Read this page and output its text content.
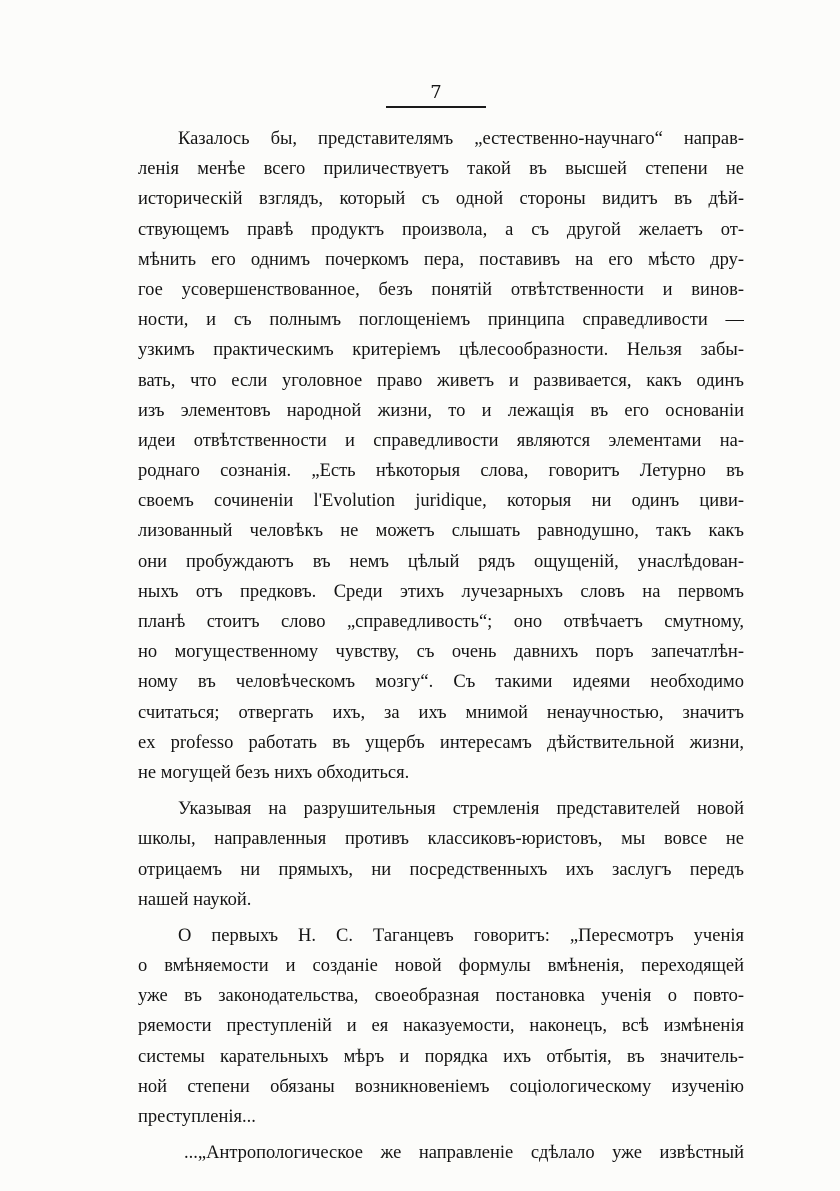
7
Казалось бы, представителямъ „естественно-научнаго“ направ-
ленія менѣе всего приличествуетъ такой въ высшей степени не
историческій взглядъ, который съ одной стороны видитъ въ дѣй-
ствующемъ правѣ продуктъ произвола, а съ другой желаетъ от-
мѣнить его однимъ почеркомъ пера, поставивъ на его мѣсто дру-
гое усовершенствованное, безъ понятій отвѣтственности и винов-
ности, и съ полнымъ поглощеніемъ принципа справедливости —
узкимъ практическимъ критеріемъ цѣлесообразности. Нельзя забы-
вать, что если уголовное право живетъ и развивается, какъ одинъ
изъ элементовъ народной жизни, то и лежащія въ его основаніи
идеи отвѣтственности и справедливости являются элементами на-
роднаго сознанія. „Есть нѣкоторыя слова, говоритъ Летурно въ
своемъ сочиненіи l'Evolution juridique, которыя ни одинъ циви-
лизованный человѣкъ не можетъ слышать равнодушно, такъ какъ
они пробуждаютъ въ немъ цѣлый рядъ ощущеній, унаслѣдован-
ныхъ отъ предковъ. Среди этихъ лучезарныхъ словъ на первомъ
планѣ стоитъ слово „справедливость“; оно отвѣчаетъ смутному,
но могущественному чувству, съ очень давнихъ поръ запечатлѣн-
ному въ человѣческомъ мозгу“. Съ такими идеями необходимо
считаться; отвергать ихъ, за ихъ мнимой ненаучностью, значитъ
ex professo работать въ ущербъ интересамъ дѣйствительной жизни,
не могущей безъ нихъ обходиться.
Указывая на разрушительныя стремленія представителей новой
школы, направленныя противъ классиковъ-юристовъ, мы вовсе не
отрицаемъ ни прямыхъ, ни посредственныхъ ихъ заслугъ передъ
нашей наукой.
О первыхъ Н. С. Таганцевъ говоритъ: „Пересмотръ ученія
о вмѣняемости и созданіе новой формулы вмѣненія, переходящей
уже въ законодательства, своеобразная постановка ученія о повто-
ряемости преступленій и ея наказуемости, наконецъ, всѣ измѣненія
системы карательныхъ мѣръ и порядка ихъ отбытія, въ значитель-
ной степени обязаны возникновеніемъ соціологическому изученію
преступленія...
...„Антропологическое же направленіе сдѣлало уже извѣстный
